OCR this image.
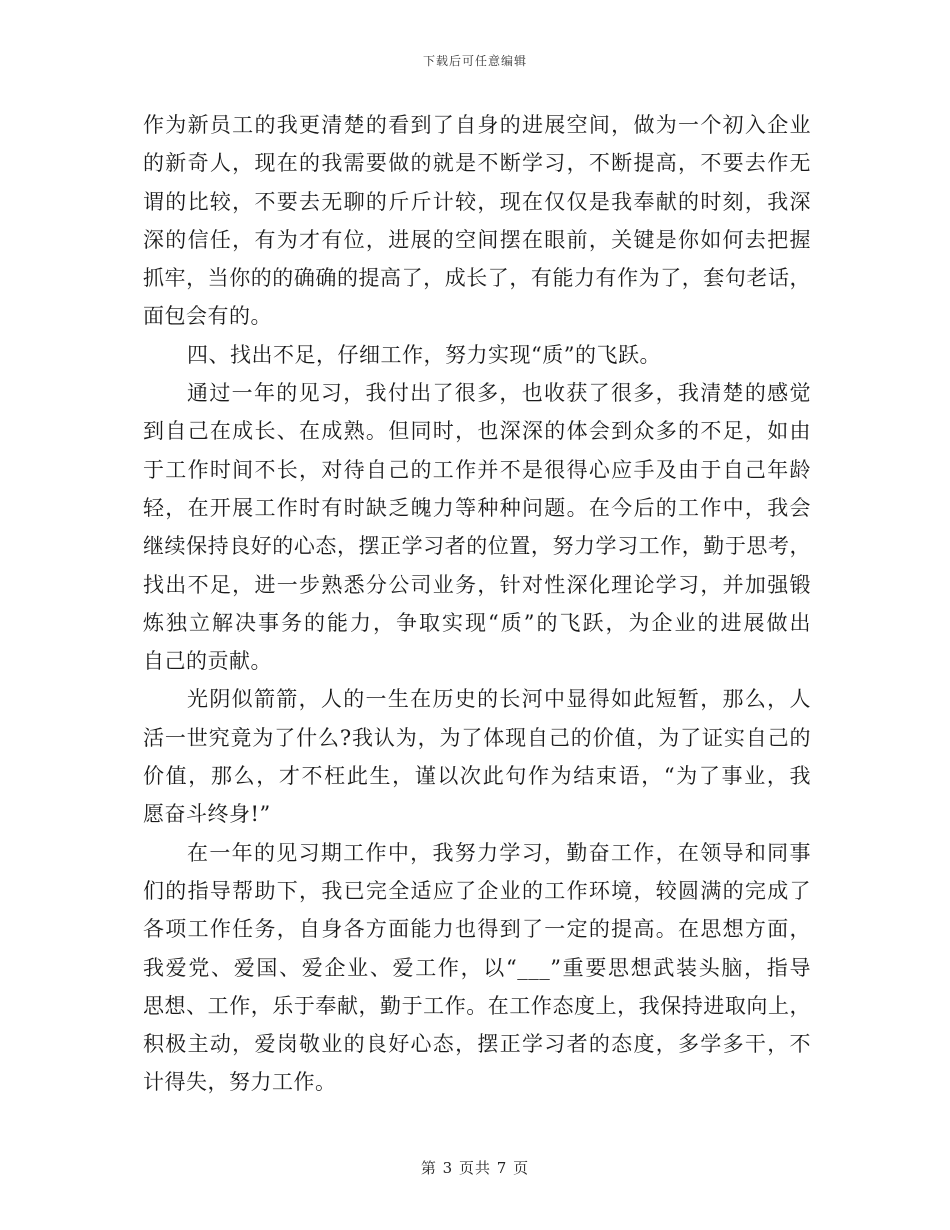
下载后可任意编辑
作为新员工的我更清楚的看到了自身的进展空间，做为一个初入企业
的新奇人，现在的我需要做的就是不断学习，不断提高，不要去作无
谓的比较，不要去无聊的斤斤计较，现在仅仅是我奉献的时刻，我深
深的信任，有为才有位，进展的空间摆在眼前，关键是你如何去把握
抓牢，当你的的确确的提高了，成长了，有能力有作为了，套句老话，
面包会有的。
四、找出不足，仔细工作，努力实现“质”的飞跃。
通过一年的见习，我付出了很多，也收获了很多，我清楚的感觉
到自己在成长、在成熟。但同时，也深深的体会到众多的不足，如由
于工作时间不长，对待自己的工作并不是很得心应手及由于自己年龄
轻，在开展工作时有时缺乏魄力等种种问题。在今后的工作中，我会
继续保持良好的心态，摆正学习者的位置，努力学习工作，勤于思考，
找出不足，进一步熟悉分公司业务，针对性深化理论学习，并加强锻
炼独立解决事务的能力，争取实现“质”的飞跃，为企业的进展做出
自己的贡献。
光阴似箭箭，人的一生在历史的长河中显得如此短暂，那么，人
活一世究竟为了什么?我认为，为了体现自己的价值，为了证实自己的
价值，那么，才不枉此生，谨以次此句作为结束语，“为了事业，我
愿奋斗终身!”
在一年的见习期工作中，我努力学习，勤奋工作，在领导和同事
们的指导帮助下，我已完全适应了企业的工作环境，较圆满的完成了
各项工作任务，自身各方面能力也得到了一定的提高。在思想方面，
我爱党、爱国、爱企业、爱工作，以“___”重要思想武装头脑，指导
思想、工作，乐于奉献，勤于工作。在工作态度上，我保持进取向上，
积极主动，爱岗敬业的良好心态，摆正学习者的态度，多学多干，不
计得失，努力工作。
第 3 页共 7 页
